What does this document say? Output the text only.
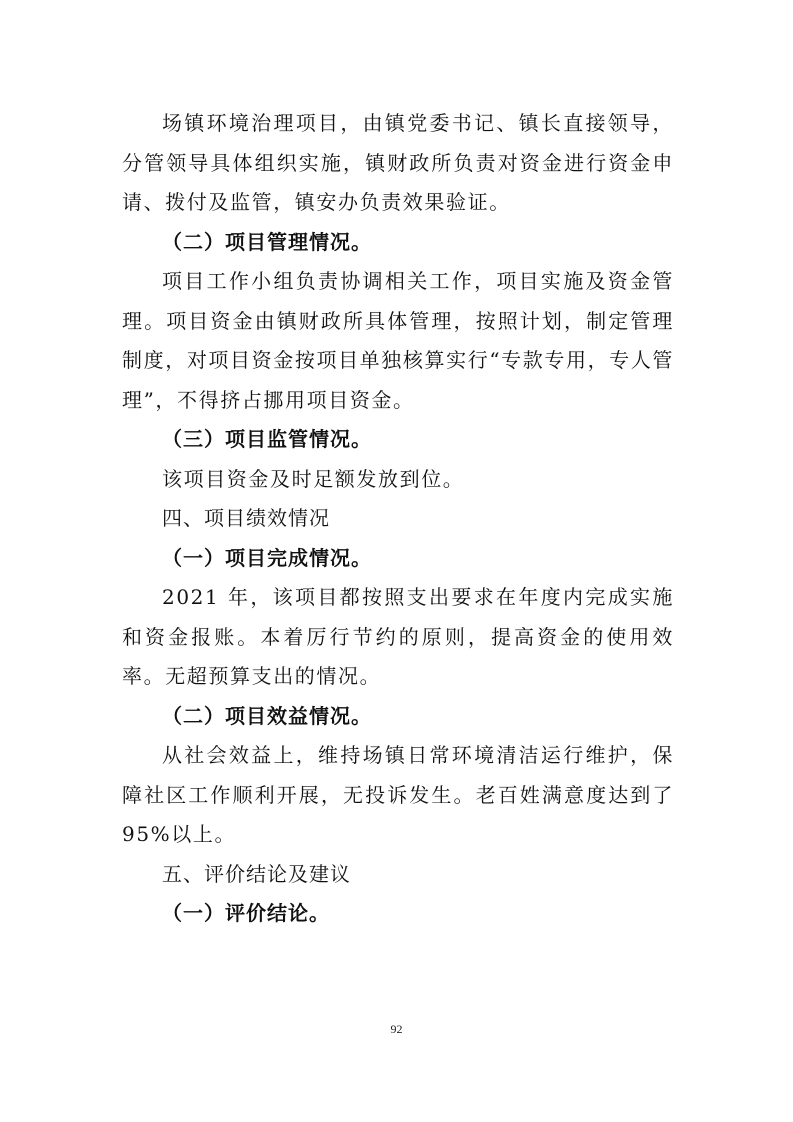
场镇环境治理项目，由镇党委书记、镇长直接领导，分管领导具体组织实施，镇财政所负责对资金进行资金申请、拨付及监管，镇安办负责效果验证。

（二）项目管理情况。

项目工作小组负责协调相关工作，项目实施及资金管理。项目资金由镇财政所具体管理，按照计划，制定管理制度，对项目资金按项目单独核算实行“专款专用，专人管理”，不得挤占挪用项目资金。

（三）项目监管情况。

该项目资金及时足额发放到位。

四、项目绩效情况

（一）项目完成情况。

2021 年，该项目都按照支出要求在年度内完成实施和资金报账。本着厉行节约的原则，提高资金的使用效率。无超预算支出的情况。

（二）项目效益情况。

从社会效益上，维持场镇日常环境清洁运行维护，保障社区工作顺利开展，无投诉发生。老百姓满意度达到了 95%以上。

五、评价结论及建议

（一）评价结论。

92
